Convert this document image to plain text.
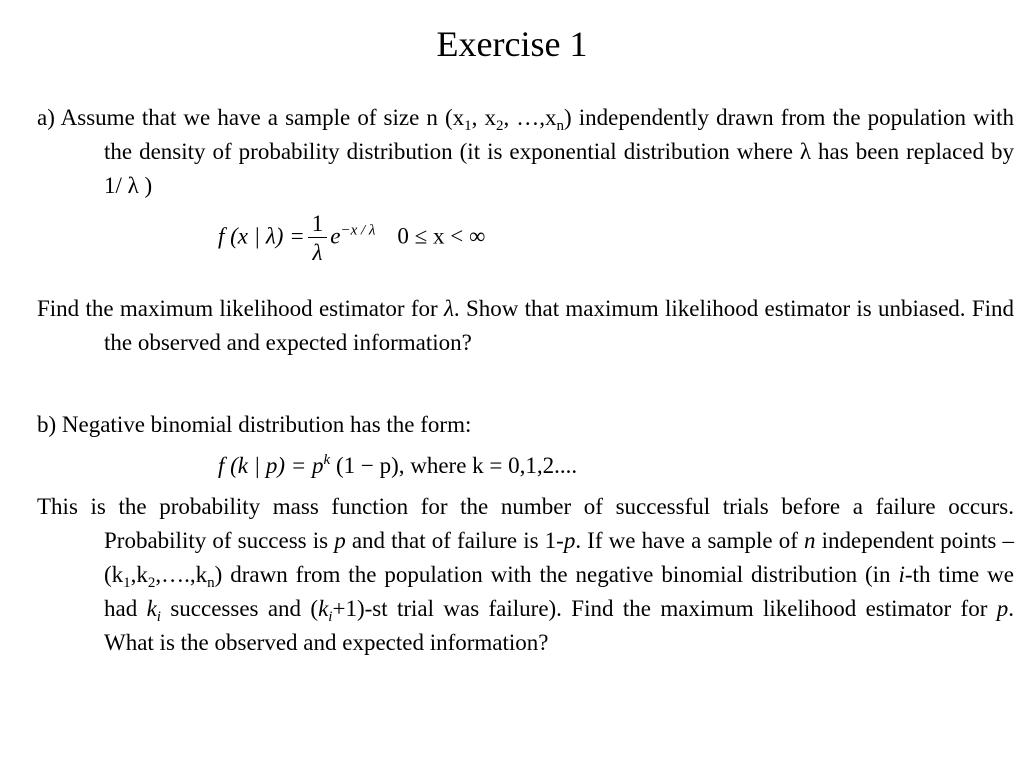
Exercise 1
a) Assume that we have a sample of size n ($x_1$, $x_2$, $\dots,x_n$) independently drawn from the population with the density of probability distribution (it is exponential distribution where λ has been replaced by 1/ λ )
f (x | $\lambda) = \frac{1}{\lambda} e^{-x / \lambda}$ 0 ≤ x < ∞
Find the maximum likelihood estimator for λ. Show that maximum likelihood estimator is unbiased. Find the observed and expected information?
b) Negative binomial distribution has the form:
f (k | $p) = p^k$ (1 − p), where k = 0,1,2....
This is the probability mass function for the number of successful trials before a failure occurs. Probability of success is p and that of failure is 1-p. If we have a sample of n independent points – $(k_1,k_2,\dots.,k_n)$ drawn from the population with the negative binomial distribution (in i-th time we had $k_i$ successes and $(k_i+1)-st$ trial was failure). Find the maximum likelihood estimator for p. What is the observed and expected information?
